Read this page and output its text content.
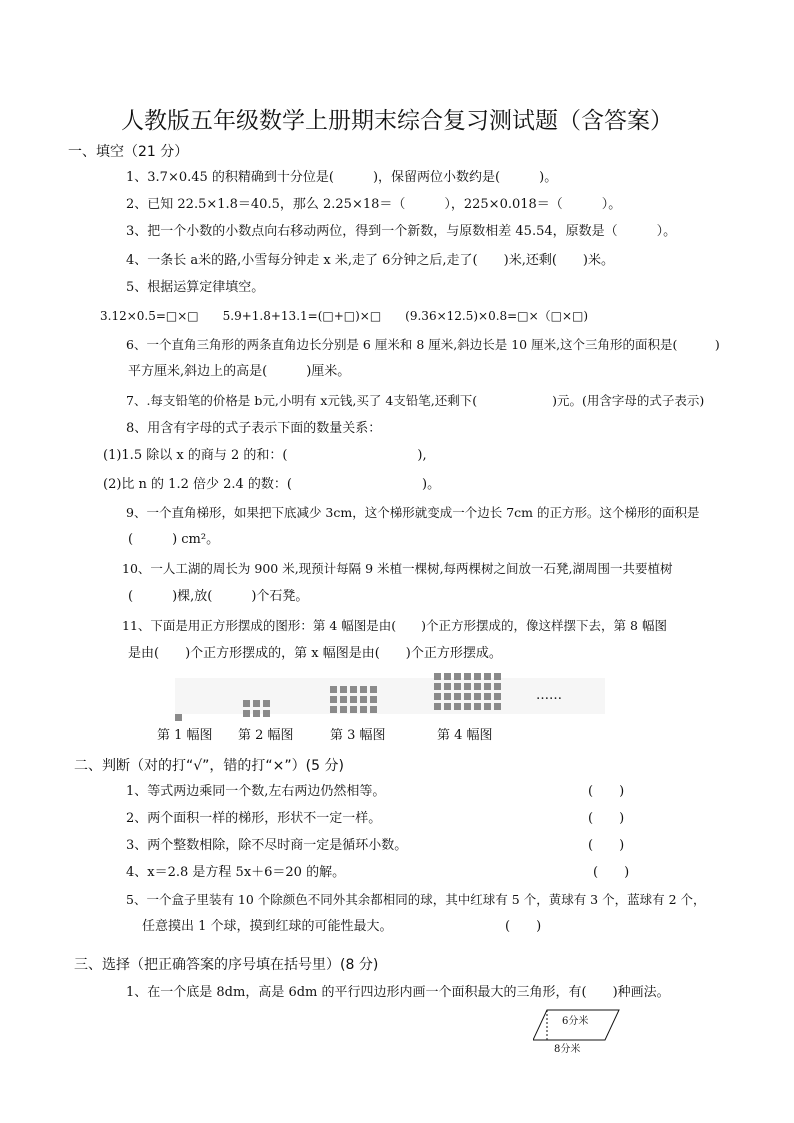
人教版五年级数学上册期末综合复习测试题（含答案）
一、填空（21 分）
1、3.7×0.45 的积精确到十分位是(　　　)，保留两位小数约是(　　　)。
2、已知 22.5×1.8＝40.5，那么 2.25×18＝（　　　），225×0.018＝（　　　）。
3、把一个小数的小数点向右移动两位，得到一个新数，与原数相差 45.54，原数是（　　　）。
4、一条长 a米的路,小雪每分钟走 x 米,走了 6分钟之后,走了(　　)米,还剩(　　)米。
5、根据运算定律填空。
3.12×0.5=□×□　　5.9+1.8+13.1=(□+□)×□　　(9.36×12.5)×0.8=□×（□×□)
6、一个直角三角形的两条直角边长分别是 6 厘米和 8 厘米,斜边长是 10 厘米,这个三角形的面积是(　　　)
平方厘米,斜边上的高是(　　　)厘米。
7、.每支铅笔的价格是 b元,小明有 x元钱,买了 4支铅笔,还剩下(　　　　　　)元。(用含字母的式子表示)
8、用含有字母的式子表示下面的数量关系：
(1)1.5 除以 x 的商与 2 的和：(　　　　　　　　　　),
(2)比 n 的 1.2 倍少 2.4 的数：(　　　　　　　　　　)。
9、一个直角梯形，如果把下底减少 3cm，这个梯形就变成一个边长 7cm 的正方形。这个梯形的面积是
(　　　) cm²。
10、一人工湖的周长为 900 米,现预计每隔 9 米植一棵树,每两棵树之间放一石凳,湖周围一共要植树
(　　　)棵,放(　　　)个石凳。
11、下面是用正方形摆成的图形：第 4 幅图是由(　　)个正方形摆成的，像这样摆下去，第 8 幅图
是由(　　)个正方形摆成的，第 x 幅图是由(　　)个正方形摆成。
……
第 1 幅图 第 2 幅图	第 3 幅图	第 4 幅图
二、判断（对的打“√”，错的打“×”）(5 分)
1、等式两边乘同一个数,左右两边仍然相等。	(　　)
2、两个面积一样的梯形，形状不一定一样。	(　　)
3、两个整数相除，除不尽时商一定是循环小数。	(　　)
4、x＝2.8 是方程 5x＋6＝20 的解。	(　　)
5、一个盒子里装有 10 个除颜色不同外其余都相同的球，其中红球有 5 个，黄球有 3 个，蓝球有 2 个，
任意摸出 1 个球，摸到红球的可能性最大。	(　　)
三、选择（把正确答案的序号填在括号里）(8 分)
1、在一个底是 8dm，高是 6dm 的平行四边形内画一个面积最大的三角形，有(　　)种画法。
6分米
8分米
